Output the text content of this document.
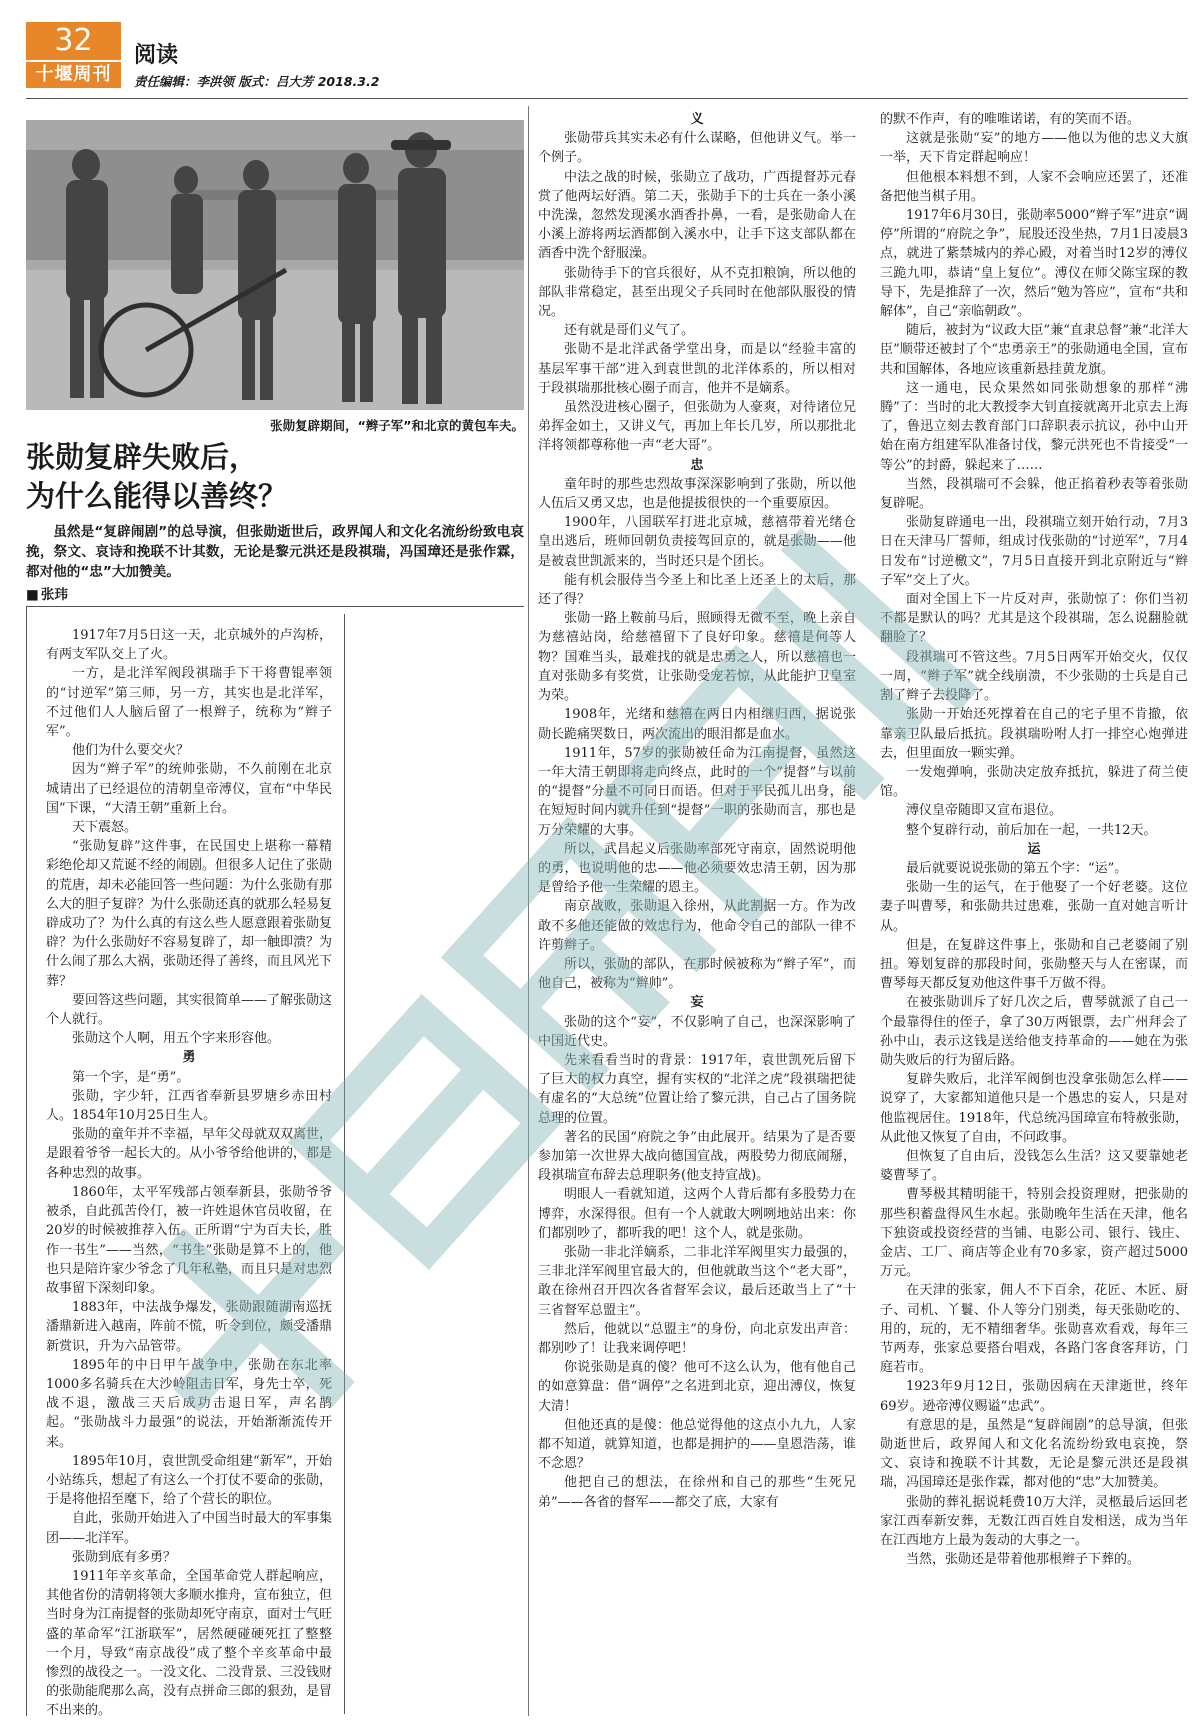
32
十堰周刊
阅读
责任编辑：李洪领 版式：吕大芳 2018.3.2
张勋复辟期间，“辫子军”和北京的黄包车夫。
张勋复辟失败后，
为什么能得以善终？
虽然是“复辟闹剧”的总导演，但张勋逝世后，政界闻人和文化名流纷纷致电哀挽，祭文、哀诗和挽联不计其数，无论是黎元洪还是段祺瑞，冯国璋还是张作霖，都对他的“忠”大加赞美。
■ 张玮

1917年7月5日这一天，北京城外的卢沟桥，有两支军队交上了火。

一方，是北洋军阀段祺瑞手下干将曹锟率领的“讨逆军”第三师，另一方，其实也是北洋军，不过他们人人脑后留了一根辫子，统称为“辫子军”。

他们为什么要交火？

因为“辫子军”的统帅张勋，不久前刚在北京城请出了已经退位的清朝皇帝溥仪，宣布“中华民国”下课，“大清王朝”重新上台。

天下震怒。

“张勋复辟”这件事，在民国史上堪称一幕精彩绝伦却又荒诞不经的闹剧。但很多人记住了张勋的荒唐，却未必能回答一些问题：为什么张勋有那么大的胆子复辟？为什么张勋还真的就那么轻易复辟成功了？为什么真的有这么些人愿意跟着张勋复辟？为什么张勋好不容易复辟了，却一触即溃？为什么闹了那么大祸，张勋还得了善终，而且风光下葬？

要回答这些问题，其实很简单——了解张勋这个人就行。

张勋这个人啊，用五个字来形容他。

勇

第一个字，是“勇”。

张勋，字少轩，江西省奉新县罗塘乡赤田村人。1854年10月25日生人。

张勋的童年并不幸福，早年父母就双双离世，是跟着爷爷一起长大的。从小爷爷给他讲的，都是各种忠烈的故事。

1860年，太平军残部占领奉新县，张勋爷爷被杀，自此孤苦伶仃，被一许姓退休官员收留，在20岁的时候被推荐入伍。正所谓“宁为百夫长，胜作一书生”——当然，“书生”张勋是算不上的，他也只是陪许家少爷念了几年私塾，而且只是对忠烈故事留下深刻印象。

1883年，中法战争爆发，张勋跟随湖南巡抚潘鼎新进入越南，阵前不慌，听令到位，颇受潘鼎新赏识，升为六品管带。

1895年的中日甲午战争中，张勋在东北率1000多名骑兵在大沙岭阻击日军，身先士卒，死战不退，激战三天后成功击退日军，声名鹊起。“张勋战斗力最强”的说法，开始渐渐流传开来。

1895年10月，袁世凯受命组建“新军”，开始小站练兵，想起了有这么一个打仗不要命的张勋，于是将他招至麾下，给了个营长的职位。

自此，张勋开始进入了中国当时最大的军事集团——北洋军。

张勋到底有多勇？

1911年辛亥革命，全国革命党人群起响应，其他省份的清朝将领大多顺水推舟，宣布独立，但当时身为江南提督的张勋却死守南京，面对士气旺盛的革命军“江浙联军”，居然硬碰硬死扛了整整一个月，导致“南京战役”成了整个辛亥革命中最惨烈的战役之一。一没文化、二没背景、三没钱财的张勋能爬那么高，没有点拼命三郎的狠劲，是冒不出来的。

义

张勋带兵其实未必有什么谋略，但他讲义气。举一个例子。

中法之战的时候，张勋立了战功，广西提督苏元春赏了他两坛好酒。第二天，张勋手下的士兵在一条小溪中洗澡，忽然发现溪水酒香扑鼻，一看，是张勋命人在小溪上游将两坛酒都倒入溪水中，让手下这支部队都在酒香中洗个舒服澡。

张勋待手下的官兵很好，从不克扣粮饷，所以他的部队非常稳定，甚至出现父子兵同时在他部队服役的情况。

还有就是哥们义气了。

张勋不是北洋武备学堂出身，而是以“经验丰富的基层军事干部”进入到袁世凯的北洋体系的，所以相对于段祺瑞那批核心圈子而言，他并不是嫡系。

虽然没进核心圈子，但张勋为人豪爽，对待诸位兄弟挥金如土，又讲义气，再加上年长几岁，所以那批北洋将领都尊称他一声“老大哥”。

忠

童年时的那些忠烈故事深深影响到了张勋，所以他人伍后又勇又忠，也是他提拔很快的一个重要原因。

1900年，八国联军打进北京城，慈禧带着光绪仓皇出逃后，班师回朝负责接驾回京的，就是张勋——他是被袁世凯派来的，当时还只是个团长。

能有机会服侍当今圣上和比圣上还圣上的太后，那还了得？

张勋一路上鞍前马后，照顾得无微不至，晚上亲自为慈禧站岗，给慈禧留下了良好印象。慈禧是何等人物？国难当头，最难找的就是忠勇之人，所以慈禧也一直对张勋多有奖赏，让张勋受宠若惊，从此能护卫皇室为荣。

1908年，光绪和慈禧在两日内相继归西，据说张勋长跪痛哭数日，两次流出的眼泪都是血水。

1911年，57岁的张勋被任命为江南提督，虽然这一年大清王朝即将走向终点，此时的一个“提督”与以前的“提督”分量不可同日而语。但对于平民孤儿出身，能在短短时间内就升任到“提督”一职的张勋而言，那也是万分荣耀的大事。

所以，武昌起义后张勋率部死守南京，固然说明他的勇，也说明他的忠——他必须要效忠清王朝，因为那是曾给予他一生荣耀的恩主。

南京战败，张勋退入徐州，从此割据一方。作为改敢不多他还能做的效忠行为，他命令自己的部队一律不许剪辫子。

所以，张勋的部队，在那时候被称为“辫子军”，而他自己，被称为“辫帅”。

妄

张勋的这个“妄”，不仅影响了自己，也深深影响了中国近代史。

先来看看当时的背景：1917年，袁世凯死后留下了巨大的权力真空，握有实权的“北洋之虎”段祺瑞把徒有虚名的“大总统”位置让给了黎元洪，自己占了国务院总理的位置。

著名的民国“府院之争”由此展开。结果为了是否要参加第一次世界大战向德国宣战，两股势力彻底闹掰，段祺瑞宣布辞去总理职务(他支持宣战)。

明眼人一看就知道，这两个人背后都有多股势力在博弈，水深得很。但有一个人就敢大咧咧地站出来：你们都别吵了，都听我的吧！这个人，就是张勋。

张勋一非北洋嫡系，二非北洋军阀里实力最强的，三非北洋军阀里官最大的，但他就敢当这个“老大哥”，敢在徐州召开四次各省督军会议，最后还敢当上了“十三省督军总盟主”。

然后，他就以“总盟主”的身份，向北京发出声音：都别吵了！让我来调停吧！

你说张勋是真的傻？他可不这么认为，他有他自己的如意算盘：借“调停”之名进到北京，迎出溥仪，恢复大清！

但他还真的是傻：他总觉得他的这点小九九，人家都不知道，就算知道，也都是拥护的——皇恩浩荡，谁不念恩？

他把自己的想法，在徐州和自己的那些“生死兄弟”——各省的督军——都交了底，大家有

的默不作声，有的唯唯诺诺，有的笑而不语。

这就是张勋“妄”的地方——他以为他的忠义大旗一举，天下肯定群起响应！

但他根本料想不到，人家不会响应还罢了，还准备把他当棋子用。

1917年6月30日，张勋率5000“辫子军”进京“调停”所谓的“府院之争”，屁股还没坐热，7月1日凌晨3点，就进了紫禁城内的养心殿，对着当时12岁的溥仪三跪九叩，恭请“皇上复位”。溥仪在师父陈宝琛的教导下，先是推辞了一次，然后“勉为答应”，宣布“共和解体”，自己“亲临朝政”。

随后，被封为“议政大臣”兼“直隶总督”兼“北洋大臣”顺带还被封了个“忠勇亲王”的张勋通电全国，宣布共和国解体，各地应该重新悬挂黄龙旗。

这一通电，民众果然如同张勋想象的那样“沸腾”了：当时的北大教授李大钊直接就离开北京去上海了，鲁迅立刻去教育部门口辞职表示抗议，孙中山开始在南方组建军队准备讨伐，黎元洪死也不肯接受“一等公”的封爵，躲起来了……

当然，段祺瑞可不会躲，他正掐着秒表等着张勋复辟呢。

张勋复辟通电一出，段祺瑞立刻开始行动，7月3日在天津马厂誓师，组成讨伐张勋的“讨逆军”，7月4日发布“讨逆檄文”，7月5日直接开到北京附近与“辫子军”交上了火。

面对全国上下一片反对声，张勋惊了：你们当初不都是默认的吗？尤其是这个段祺瑞，怎么说翻脸就翻脸了？

段祺瑞可不管这些。7月5日两军开始交火，仅仅一周，“辫子军”就全线崩溃，不少张勋的士兵是自己割了辫子去投降了。

张勋一开始还死撑着在自己的宅子里不肯撤，依靠亲卫队最后抵抗。段祺瑞吩咐人打一排空心炮弹进去，但里面放一颗实弹。

一发炮弹响，张勋决定放弃抵抗，躲进了荷兰使馆。

溥仪皇帝随即又宣布退位。

整个复辟行动，前后加在一起，一共12天。

运

最后就要说说张勋的第五个字：“运”。

张勋一生的运气，在于他娶了一个好老婆。这位妻子叫曹琴，和张勋共过患难，张勋一直对她言听计从。

但是，在复辟这件事上，张勋和自己老婆闹了别扭。筹划复辟的那段时间，张勋整天与人在密谋，而曹琴每天都反复劝他这件事千万做不得。

在被张勋训斥了好几次之后，曹琴就派了自己一个最靠得住的侄子，拿了30万两银票，去广州拜会了孙中山，表示这钱是送给他支持革命的——她在为张勋失败后的行为留后路。

复辟失败后，北洋军阀倒也没拿张勋怎么样——说穿了，大家都知道他只是一个愚忠的妄人，只是对他监视居住。1918年，代总统冯国璋宣布特赦张勋，从此他又恢复了自由，不问政事。

但恢复了自由后，没钱怎么生活？这又要靠她老婆曹琴了。

曹琴极其精明能干，特别会投资理财，把张勋的那些积蓄盘得风生水起。张勋晚年生活在天津，他名下独资或投资经营的当铺、电影公司、银行、钱庄、金店、工厂、商店等企业有70多家，资产超过5000万元。

在天津的张家，佣人不下百余，花匠、木匠、厨子、司机、丫鬟、仆人等分门别类，每天张勋吃的、用的，玩的，无不精细奢华。张勋喜欢看戏，每年三节两寿，张家总要搭台唱戏，各路门客食客拜访，门庭若市。

1923年9月12日，张勋因病在天津逝世，终年69岁。逊帝溥仪赐谥“忠武”。

有意思的是，虽然是“复辟闹剧”的总导演，但张勋逝世后，政界闻人和文化名流纷纷致电哀挽，祭文、哀诗和挽联不计其数，无论是黎元洪还是段祺瑞，冯国璋还是张作霖，都对他的“忠”大加赞美。

张勋的葬礼据说耗费10万大洋，灵柩最后运回老家江西奉新安葬，无数江西百姓自发相送，成为当年在江西地方上最为轰动的大事之一。

当然，张勋还是带着他那根辫子下葬的。
